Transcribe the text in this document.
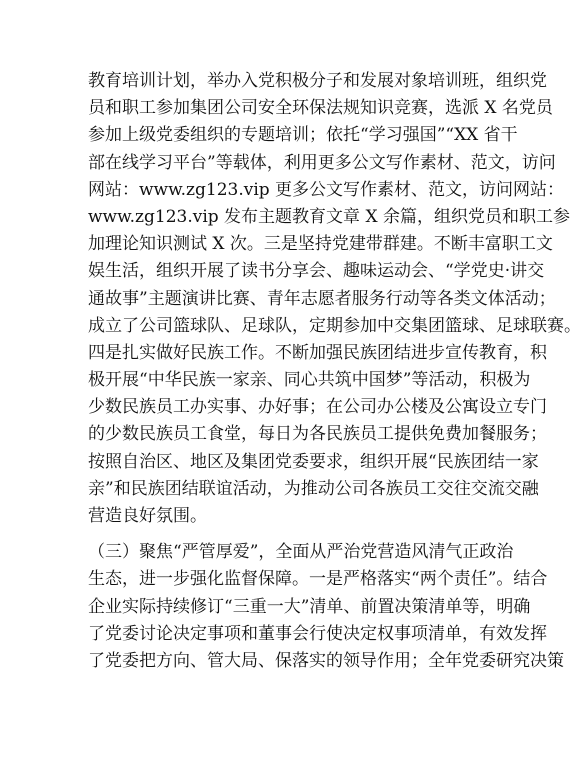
教育培训计划，举办入党积极分子和发展对象培训班，组织党
员和职工参加集团公司安全环保法规知识竞赛，选派 X 名党员
参加上级党委组织的专题培训；依托“学习强国”“XX 省干
部在线学习平台”等载体，利用更多公文写作素材、范文，访问
网站：www.zg123.vip 更多公文写作素材、范文，访问网站：
www.zg123.vip 发布主题教育文章 X 余篇，组织党员和职工参
加理论知识测试 X 次。三是坚持党建带群建。不断丰富职工文
娱生活，组织开展了读书分享会、趣味运动会、“学党史·讲交
通故事”主题演讲比赛、青年志愿者服务行动等各类文体活动；
成立了公司篮球队、足球队，定期参加中交集团篮球、足球联赛。
四是扎实做好民族工作。不断加强民族团结进步宣传教育，积
极开展“中华民族一家亲、同心共筑中国梦”等活动，积极为
少数民族员工办实事、办好事；在公司办公楼及公寓设立专门
的少数民族员工食堂，每日为各民族员工提供免费加餐服务；
按照自治区、地区及集团党委要求，组织开展“民族团结一家
亲”和民族团结联谊活动，为推动公司各族员工交往交流交融
营造良好氛围。
（三）聚焦“严管厚爱”，全面从严治党营造风清气正政治
生态，进一步强化监督保障。一是严格落实“两个责任”。结合
企业实际持续修订“三重一大”清单、前置决策清单等，明确
了党委讨论决定事项和董事会行使决定权事项清单，有效发挥
了党委把方向、管大局、保落实的领导作用；全年党委研究决策
